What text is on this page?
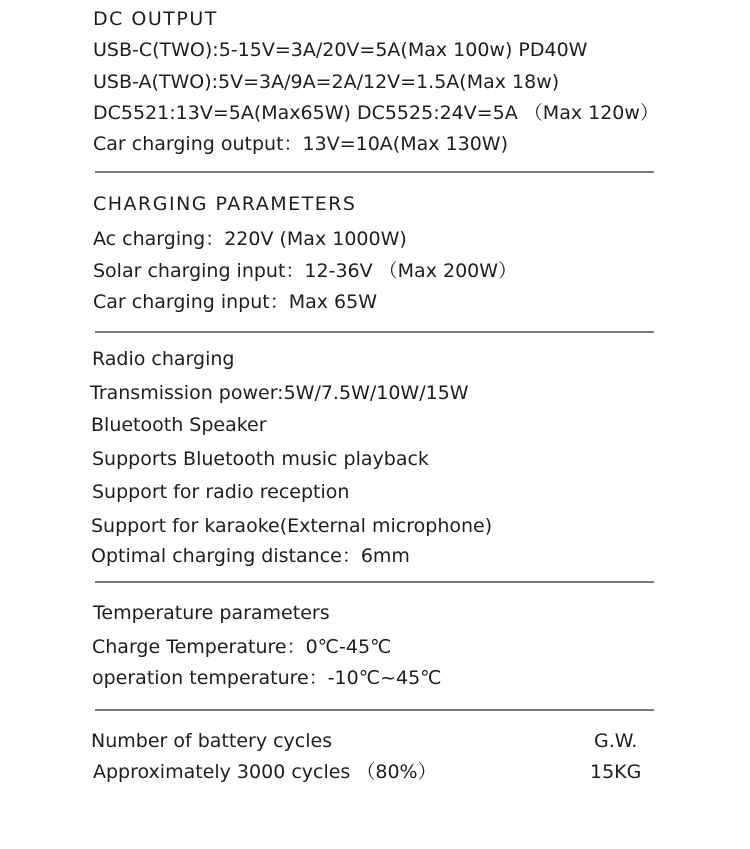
DC OUTPUT
USB-C(TWO):5-15V=3A/20V=5A(Max 100w) PD40W
USB-A(TWO):5V=3A/9A=2A/12V=1.5A(Max 18w)
DC5521:13V=5A(Max65W) DC5525:24V=5A （Max 120w）
Car charging output：13V=10A(Max 130W)
CHARGING PARAMETERS
Ac charging：220V (Max 1000W)
Solar charging input：12-36V （Max 200W）
Car charging input：Max 65W
Radio charging
Transmission power:5W/7.5W/10W/15W
Bluetooth Speaker
Supports Bluetooth music playback
Support for radio reception
Support for karaoke(External microphone)
Optimal charging distance：6mm
Temperature parameters
Charge Temperature：0℃-45℃
operation temperature：-10℃~45℃
Number of battery cycles
Approximately 3000 cycles （80%）
G.W.
15KG
